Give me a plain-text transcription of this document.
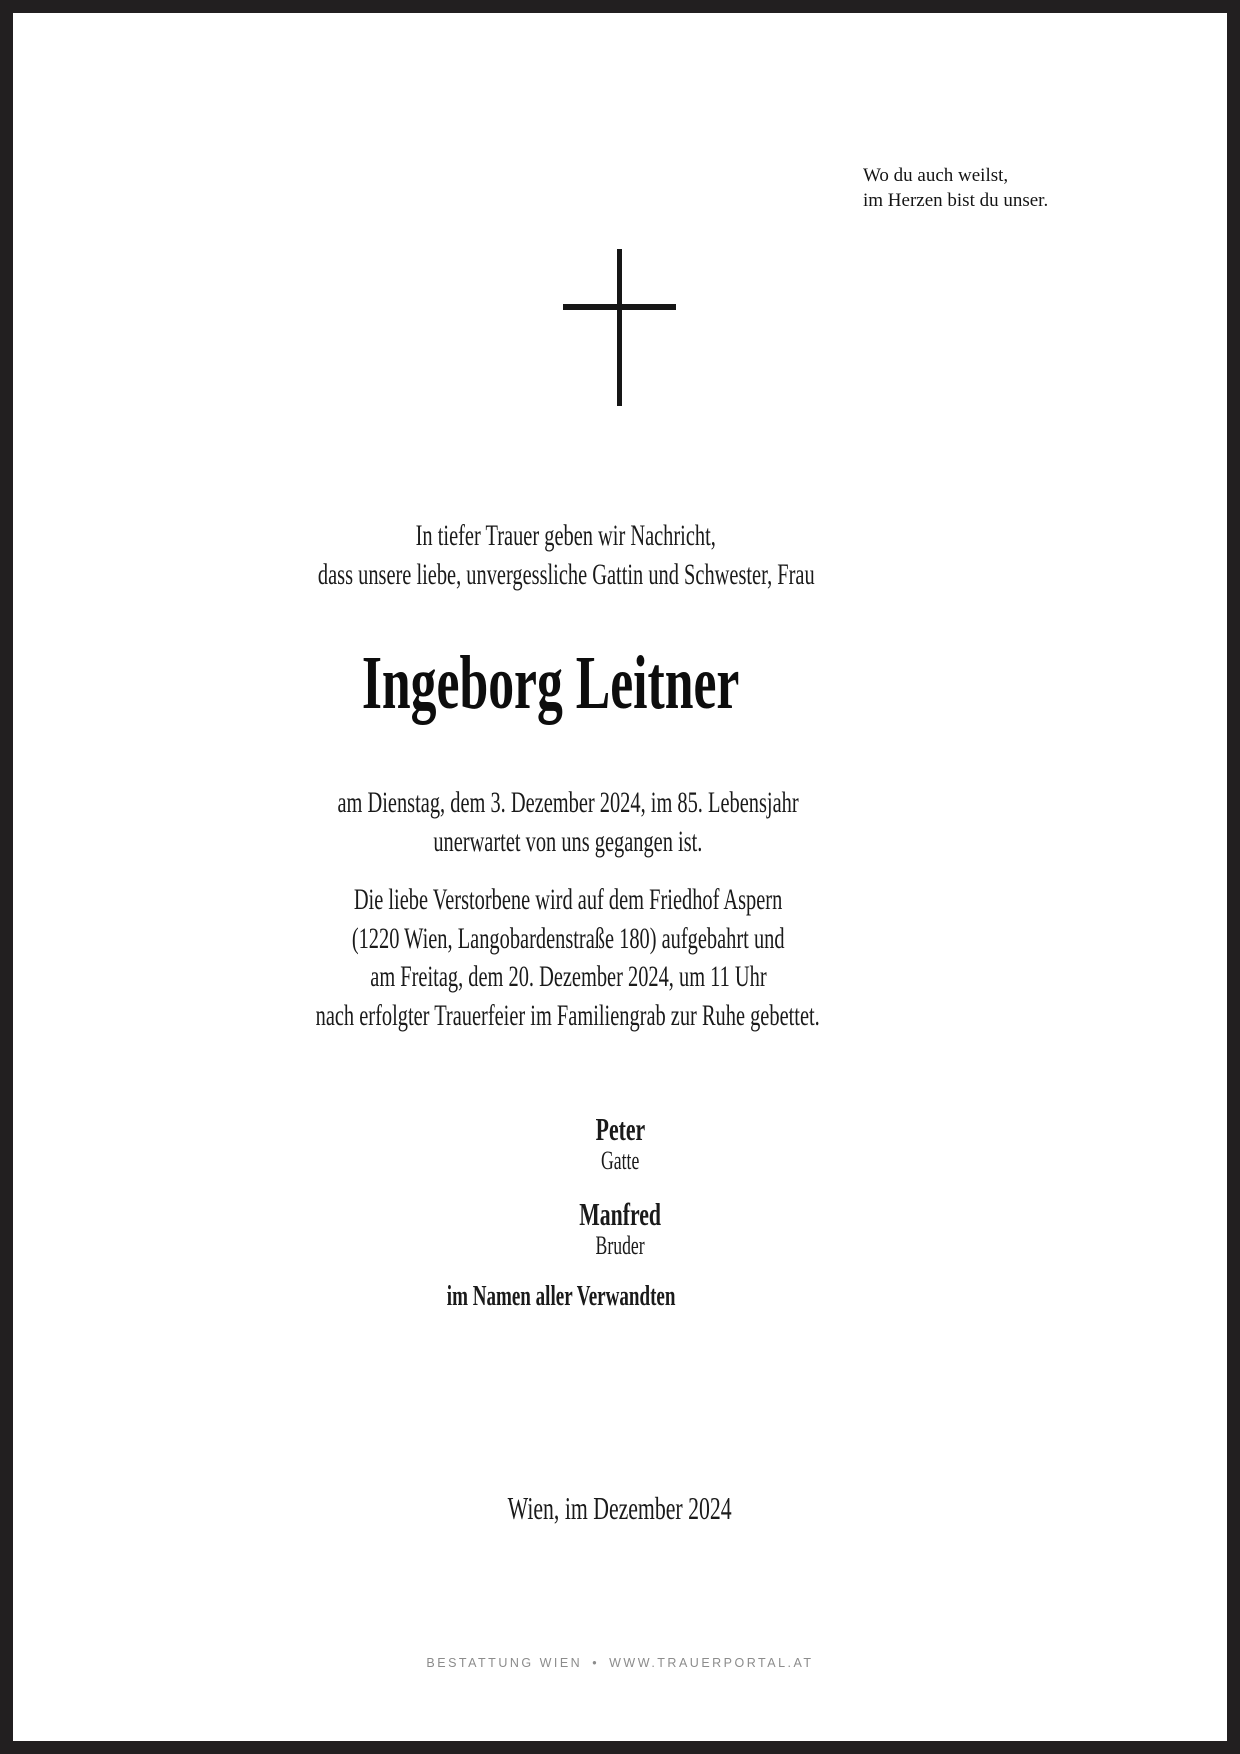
Wo du auch weilst,
im Herzen bist du unser.
In tiefer Trauer geben wir Nachricht,
dass unsere liebe, unvergessliche Gattin und Schwester, Frau
Ingeborg Leitner
am Dienstag, dem 3. Dezember 2024, im 85. Lebensjahr
unerwartet von uns gegangen ist.
Die liebe Verstorbene wird auf dem Friedhof Aspern
(1220 Wien, Langobardenstraße 180) aufgebahrt und
am Freitag, dem 20. Dezember 2024, um 11 Uhr
nach erfolgter Trauerfeier im Familiengrab zur Ruhe gebettet.
Peter
Gatte
Manfred
Bruder
im Namen aller Verwandten
Wien, im Dezember 2024
BESTATTUNG WIEN • WWW.TRAUERPORTAL.AT
